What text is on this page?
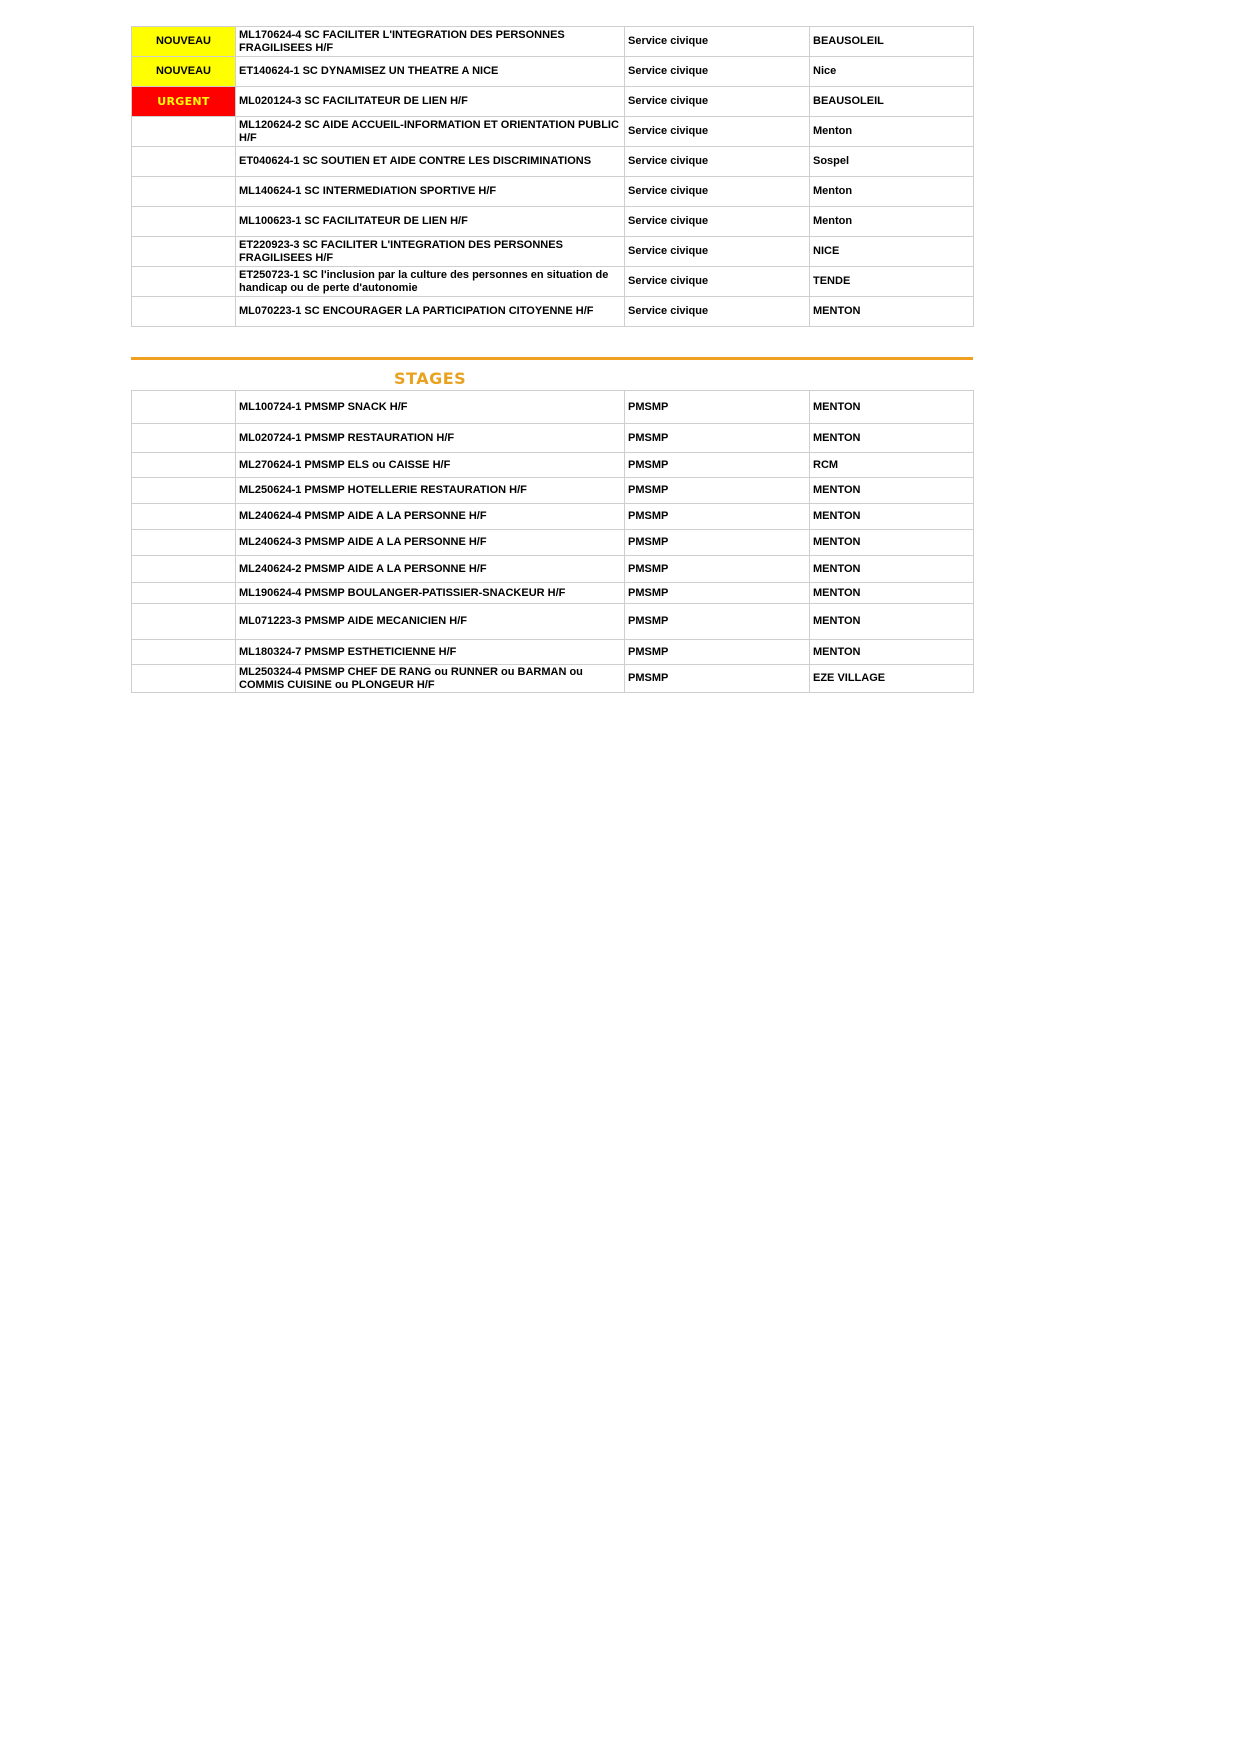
NOUVEAU	ML170624-4 SC FACILITER L'INTEGRATION DES PERSONNES FRAGILISEES H/F	Service civique	BEAUSOLEIL
NOUVEAU	ET140624-1 SC DYNAMISEZ UN THEATRE A NICE	Service civique	Nice
URGENT	ML020124-3 SC FACILITATEUR DE LIEN H/F	Service civique	BEAUSOLEIL
	ML120624-2 SC AIDE ACCUEIL-INFORMATION ET ORIENTATION PUBLIC H/F	Service civique	Menton
	ET040624-1 SC SOUTIEN ET AIDE CONTRE LES DISCRIMINATIONS	Service civique	Sospel
	ML140624-1 SC INTERMEDIATION SPORTIVE H/F	Service civique	Menton
	ML100623-1 SC FACILITATEUR DE LIEN H/F	Service civique	Menton
	ET220923-3 SC FACILITER L'INTEGRATION DES PERSONNES FRAGILISEES H/F	Service civique	NICE
	ET250723-1 SC l'inclusion par la culture des personnes en situation de handicap ou de perte d'autonomie	Service civique	TENDE
	ML070223-1 SC ENCOURAGER LA PARTICIPATION CITOYENNE H/F	Service civique	MENTON
STAGES
	ML100724-1 PMSMP SNACK H/F	PMSMP	MENTON
	ML020724-1 PMSMP RESTAURATION H/F	PMSMP	MENTON
	ML270624-1 PMSMP ELS ou CAISSE H/F	PMSMP	RCM
	ML250624-1 PMSMP HOTELLERIE RESTAURATION H/F	PMSMP	MENTON
	ML240624-4 PMSMP AIDE A LA PERSONNE H/F	PMSMP	MENTON
	ML240624-3 PMSMP AIDE A LA PERSONNE H/F	PMSMP	MENTON
	ML240624-2 PMSMP AIDE A LA PERSONNE H/F	PMSMP	MENTON
	ML190624-4 PMSMP BOULANGER-PATISSIER-SNACKEUR H/F	PMSMP	MENTON
	ML071223-3 PMSMP AIDE MECANICIEN H/F	PMSMP	MENTON
	ML180324-7 PMSMP ESTHETICIENNE H/F	PMSMP	MENTON
	ML250324-4 PMSMP CHEF DE RANG ou RUNNER ou BARMAN ou COMMIS CUISINE ou PLONGEUR H/F	PMSMP	EZE VILLAGE
